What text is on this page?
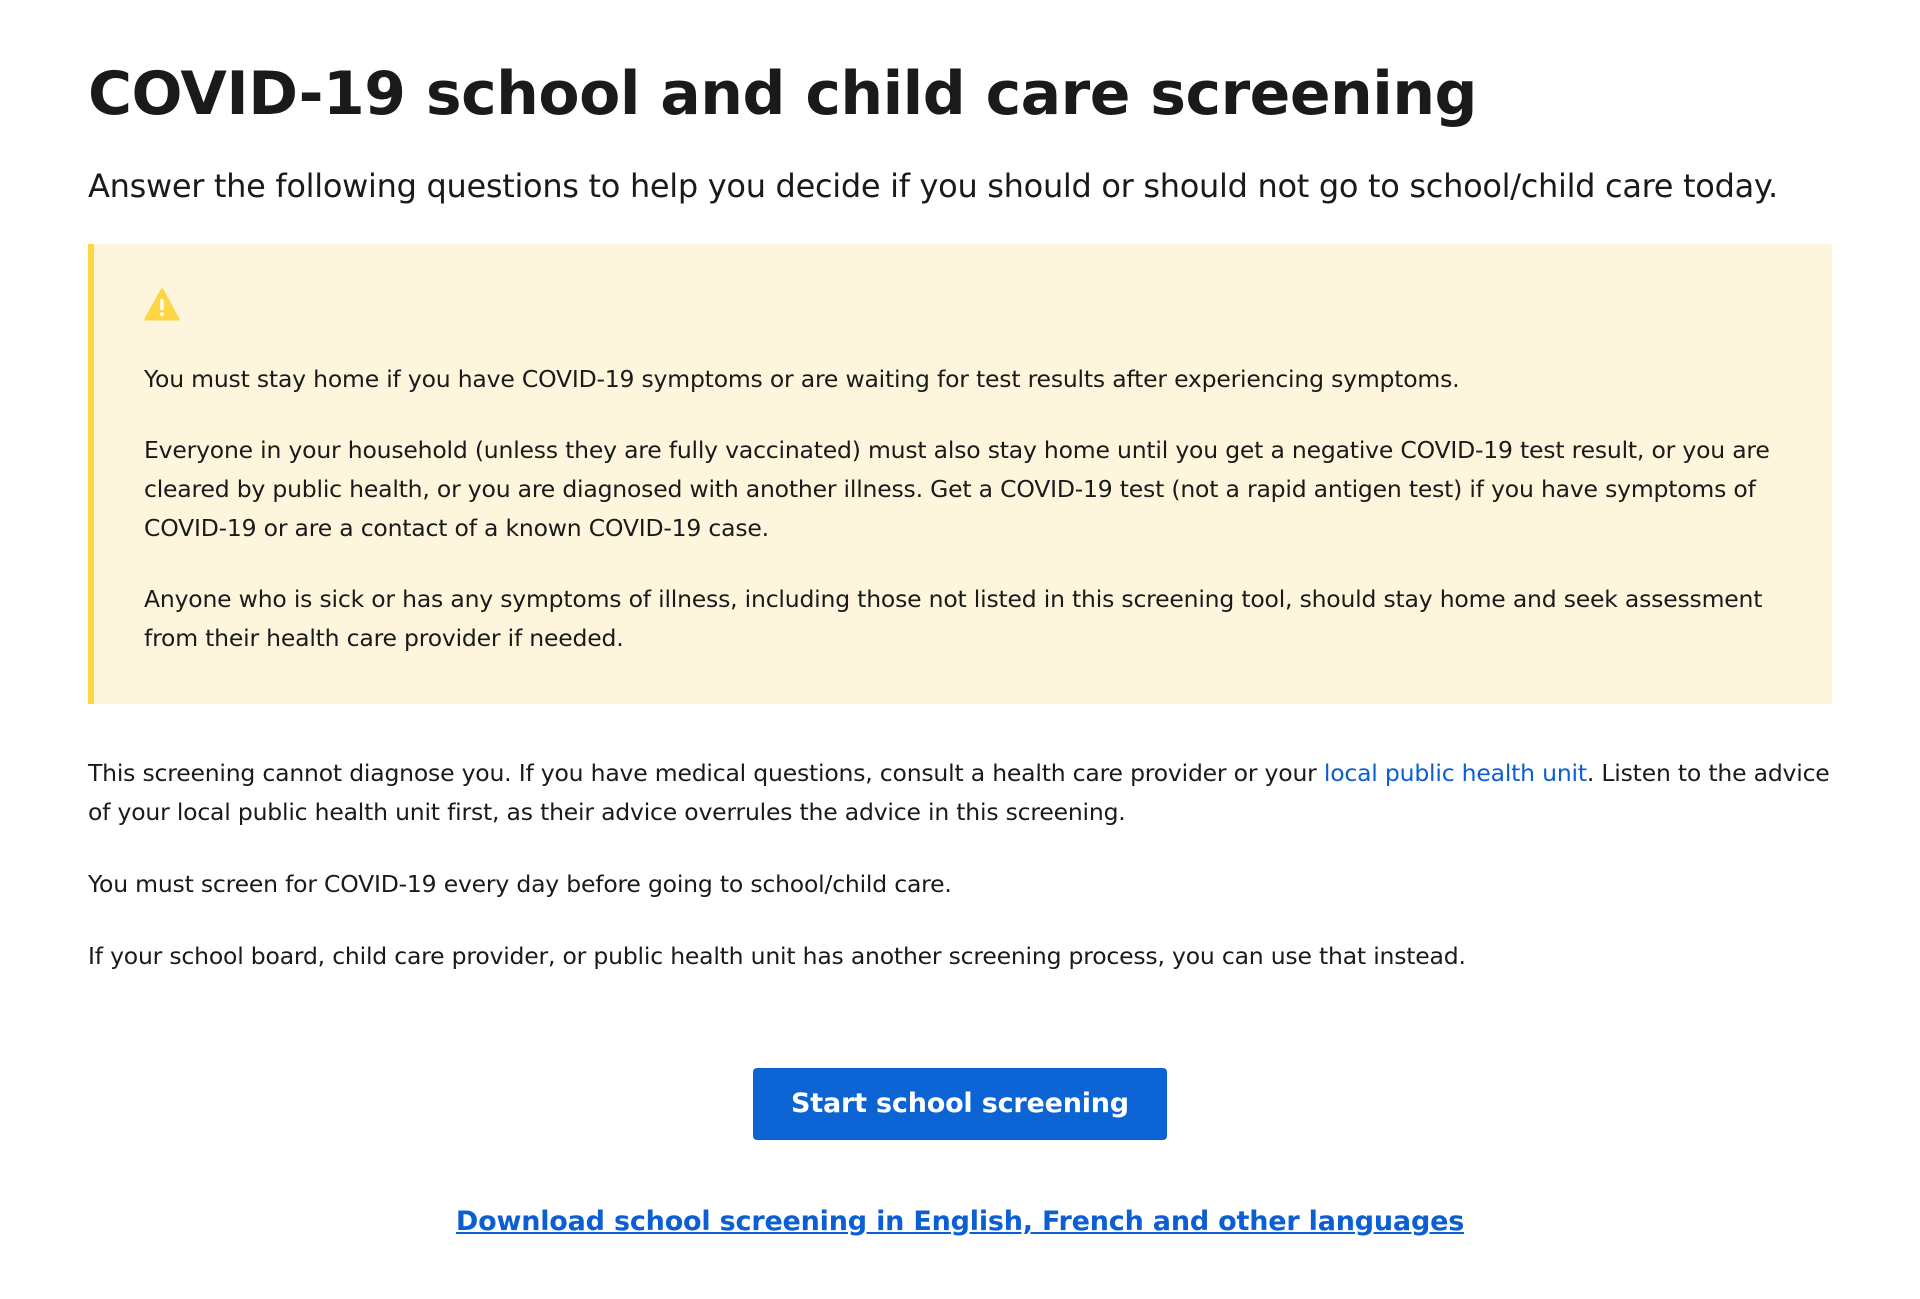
COVID-19 school and child care screening

Answer the following questions to help you decide if you should or should not go to school/child care today.

You must stay home if you have COVID-19 symptoms or are waiting for test results after experiencing symptoms.

Everyone in your household (unless they are fully vaccinated) must also stay home until you get a negative COVID-19 test result, or you are cleared by public health, or you are diagnosed with another illness. Get a COVID-19 test (not a rapid antigen test) if you have symptoms of COVID-19 or are a contact of a known COVID-19 case.

Anyone who is sick or has any symptoms of illness, including those not listed in this screening tool, should stay home and seek assessment from their health care provider if needed.

This screening cannot diagnose you. If you have medical questions, consult a health care provider or your local public health unit. Listen to the advice of your local public health unit first, as their advice overrules the advice in this screening.

You must screen for COVID-19 every day before going to school/child care.

If your school board, child care provider, or public health unit has another screening process, you can use that instead.

Start school screening
Download school screening in English, French and other languages
